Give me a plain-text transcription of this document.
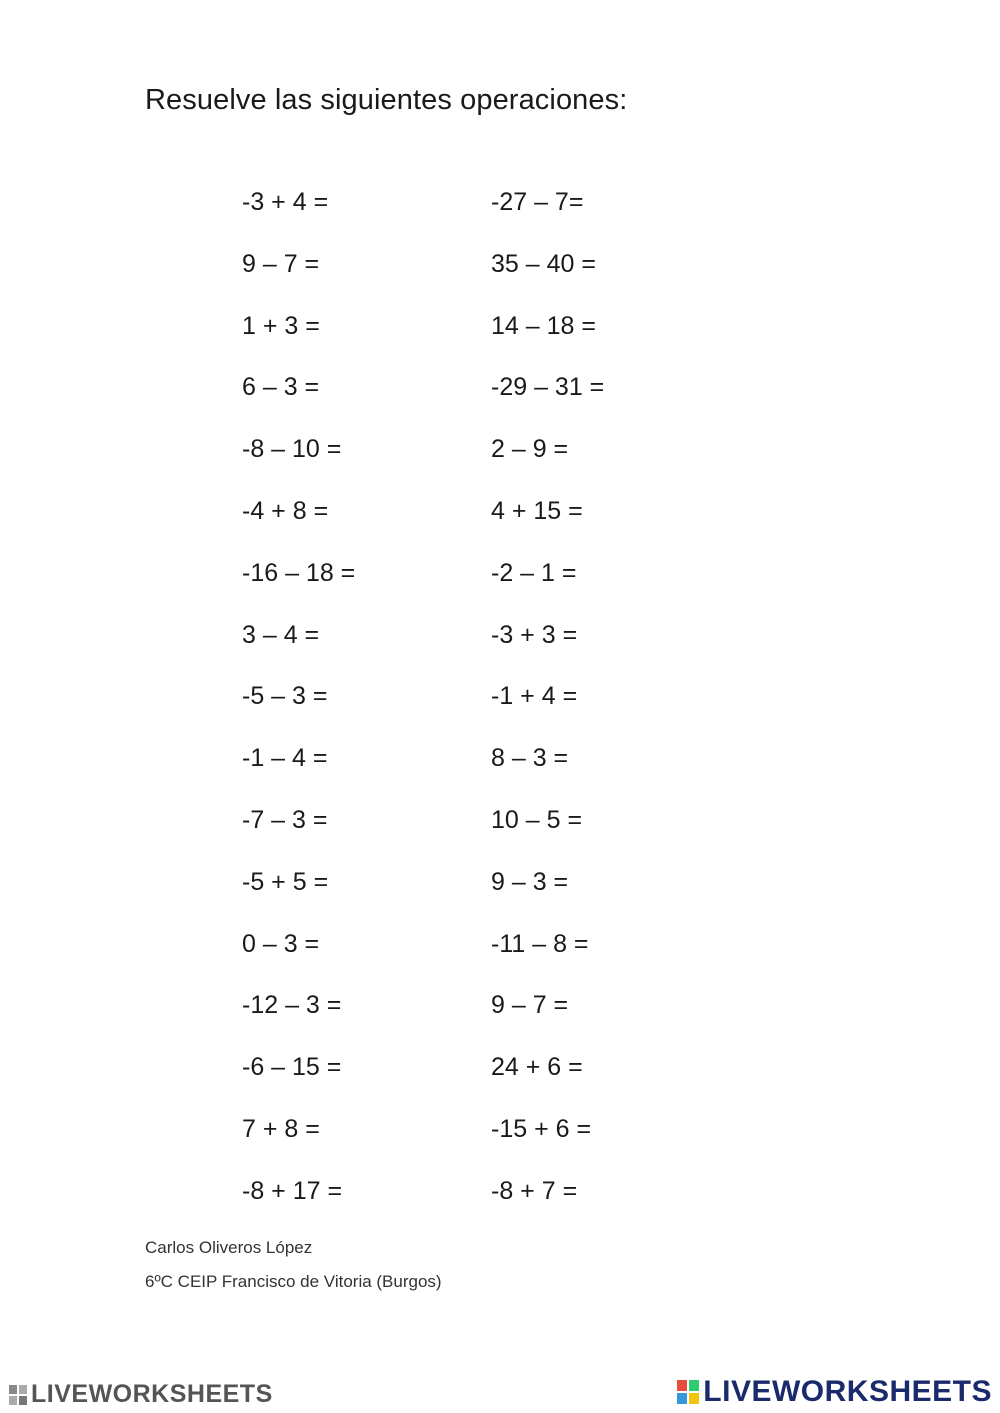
Resuelve las siguientes operaciones:
-3 + 4 =	-27 – 7=
9 – 7 =	35 – 40 =
1 + 3 =	14 – 18 =
6 – 3 =	-29 – 31 =
-8 – 10 =	2 – 9 =
-4 + 8 =	4 + 15 =
-16 – 18 =	-2 – 1 =
3 – 4 =	-3 + 3 =
-5 – 3 =	-1 + 4 =
-1 – 4 =	8 – 3 =
-7 – 3 =	10 – 5 =
-5 + 5 =	9 – 3 =
0 – 3 =	-11 – 8 =
-12 – 3 =	9 – 7 =
-6 – 15 =	24 + 6 =
7 + 8 =	-15 + 6 =
-8 + 17 =	-8 + 7 =
Carlos Oliveros López
6ºC CEIP Francisco de Vitoria (Burgos)
LIVEWORKSHEETS	LIVEWORKSHEETS
